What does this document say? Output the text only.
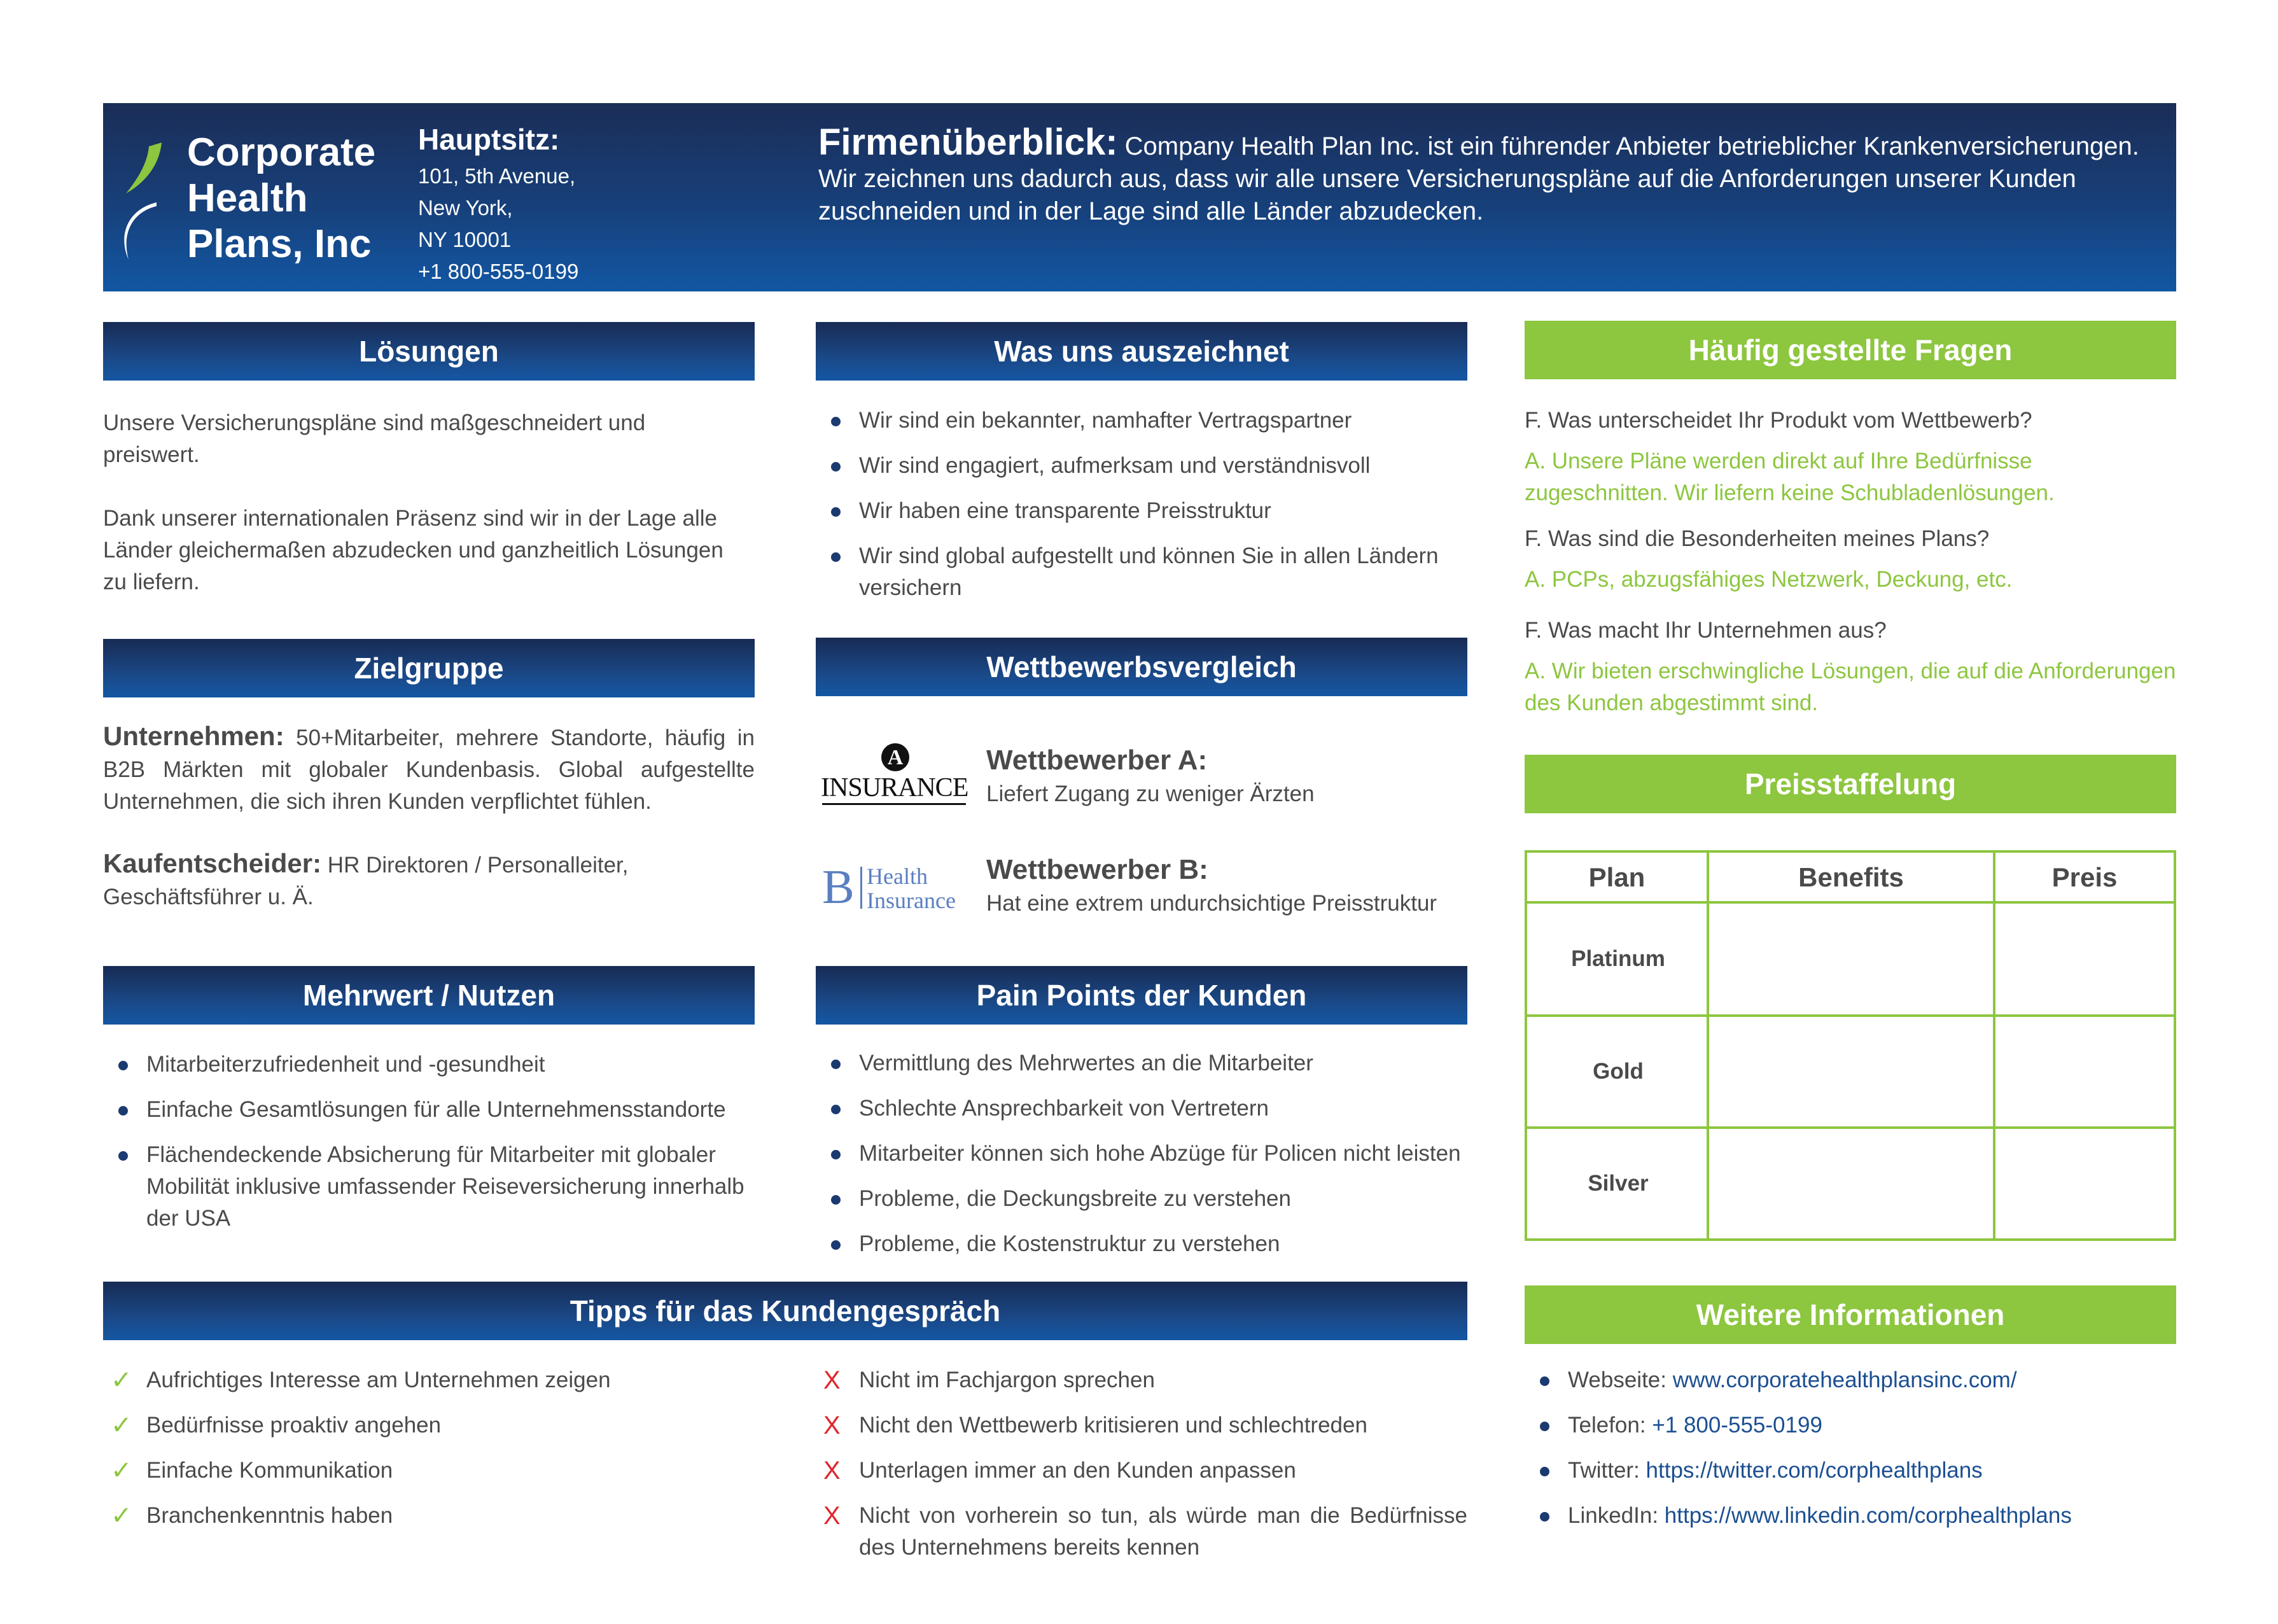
Corporate
Health
Plans, Inc
Hauptsitz:
101, 5th Avenue,
New York,
NY 10001
+1 800-555-0199
Firmenüberblick: Company Health Plan Inc. ist ein führender Anbieter betrieblicher Krankenversicherungen. Wir zeichnen uns dadurch aus, dass wir alle unsere Versicherungspläne auf die Anforderungen unserer Kunden zuschneiden und in der Lage sind alle Länder abzudecken.
Lösungen
Unsere Versicherungspläne sind maßgeschneidert und preiswert.
Dank unserer internationalen Präsenz sind wir in der Lage alle Länder gleichermaßen abzudecken und ganzheitlich Lösungen zu liefern.
Zielgruppe
Unternehmen: 50+Mitarbeiter, mehrere Standorte, häufig in B2B Märkten mit globaler Kundenbasis. Global aufgestellte Unternehmen, die sich ihren Kunden verpflichtet fühlen.
Kaufentscheider: HR Direktoren / Personalleiter, Geschäftsführer u. Ä.
Mehrwert / Nutzen
Mitarbeiterzufriedenheit und -gesundheit
Einfache Gesamtlösungen für alle Unternehmensstandorte
Flächendeckende Absicherung für Mitarbeiter mit globaler Mobilität inklusive umfassender Reiseversicherung innerhalb der USA
Was uns auszeichnet
Wir sind ein bekannter, namhafter Vertragspartner
Wir sind engagiert, aufmerksam und verständnisvoll
Wir haben eine transparente Preisstruktur
Wir sind global aufgestellt und können Sie in allen Ländern versichern
Wettbewerbsvergleich
A
INSURANCE
Wettbewerber A:
Liefert Zugang zu weniger Ärzten
B Health
Insurance
Wettbewerber B:
Hat eine extrem undurchsichtige Preisstruktur
Pain Points der Kunden
Vermittlung des Mehrwertes an die Mitarbeiter
Schlechte Ansprechbarkeit von Vertretern
Mitarbeiter können sich hohe Abzüge für Policen nicht leisten
Probleme, die Deckungsbreite zu verstehen
Probleme, die Kostenstruktur zu verstehen
Tipps für das Kundengespräch
✓ Aufrichtiges Interesse am Unternehmen zeigen
✓ Bedürfnisse proaktiv angehen
✓ Einfache Kommunikation
✓ Branchenkenntnis haben
X Nicht im Fachjargon sprechen
X Nicht den Wettbewerb kritisieren und schlechtreden
X Unterlagen immer an den Kunden anpassen
X Nicht von vorherein so tun, als würde man die Bedürfnisse des Unternehmens bereits kennen
Häufig gestellte Fragen
F. Was unterscheidet Ihr Produkt vom Wettbewerb?
A. Unsere Pläne werden direkt auf Ihre Bedürfnisse zugeschnitten. Wir liefern keine Schubladenlösungen.
F. Was sind die Besonderheiten meines Plans?
A. PCPs, abzugsfähiges Netzwerk, Deckung, etc.
F. Was macht Ihr Unternehmen aus?
A. Wir bieten erschwingliche Lösungen, die auf die Anforderungen des Kunden abgestimmt sind.
Preisstaffelung
Plan	Benefits	Preis
Platinum
Gold
Silver
Weitere Informationen
Webseite: www.corporatehealthplansinc.com/
Telefon: +1 800-555-0199
Twitter: https://twitter.com/corphealthplans
LinkedIn: https://www.linkedin.com/corphealthplans
